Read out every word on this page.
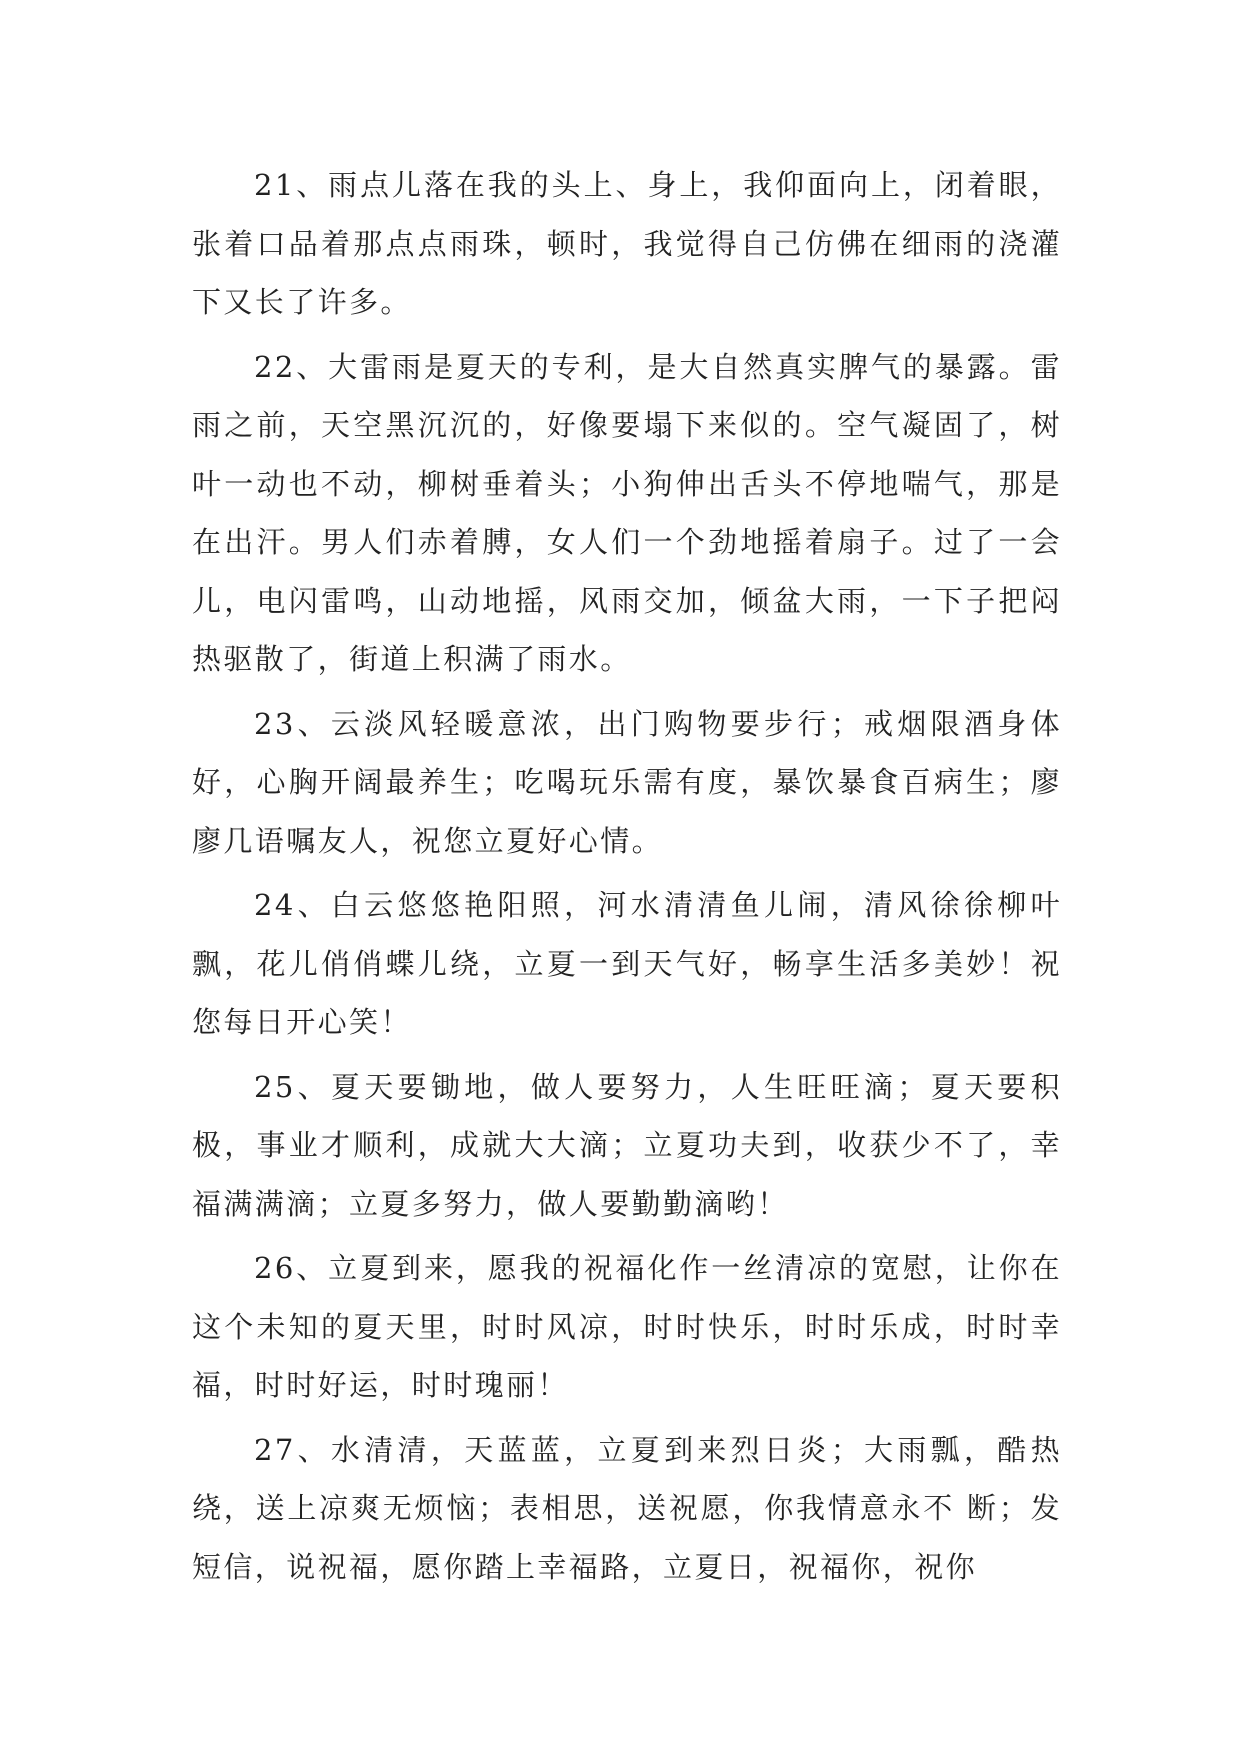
21、雨点儿落在我的头上、身上，我仰面向上，闭着眼，张着口品着那点点雨珠，顿时，我觉得自己仿佛在细雨的浇灌下又长了许多。

22、大雷雨是夏天的专利，是大自然真实脾气的暴露。雷雨之前，天空黑沉沉的，好像要塌下来似的。空气凝固了，树叶一动也不动，柳树垂着头；小狗伸出舌头不停地喘气，那是在出汗。男人们赤着膊，女人们一个劲地摇着扇子。过了一会儿，电闪雷鸣，山动地摇，风雨交加，倾盆大雨，一下子把闷热驱散了，街道上积满了雨水。

23、云淡风轻暖意浓，出门购物要步行；戒烟限酒身体好，心胸开阔最养生；吃喝玩乐需有度，暴饮暴食百病生；廖廖几语嘱友人，祝您立夏好心情。

24、白云悠悠艳阳照，河水清清鱼儿闹，清风徐徐柳叶飘，花儿俏俏蝶儿绕，立夏一到天气好，畅享生活多美妙！祝您每日开心笑！

25、夏天要锄地，做人要努力，人生旺旺滴；夏天要积极，事业才顺利，成就大大滴；立夏功夫到，收获少不了，幸福满满滴；立夏多努力，做人要勤勤滴哟！

26、立夏到来，愿我的祝福化作一丝清凉的宽慰，让你在这个未知的夏天里，时时风凉，时时快乐，时时乐成，时时幸福，时时好运，时时瑰丽！

27、水清清，天蓝蓝，立夏到来烈日炎；大雨瓢，酷热绕，送上凉爽无烦恼；表相思，送祝愿，你我情意永不 断；发短信，说祝福，愿你踏上幸福路，立夏日，祝福你，祝你
